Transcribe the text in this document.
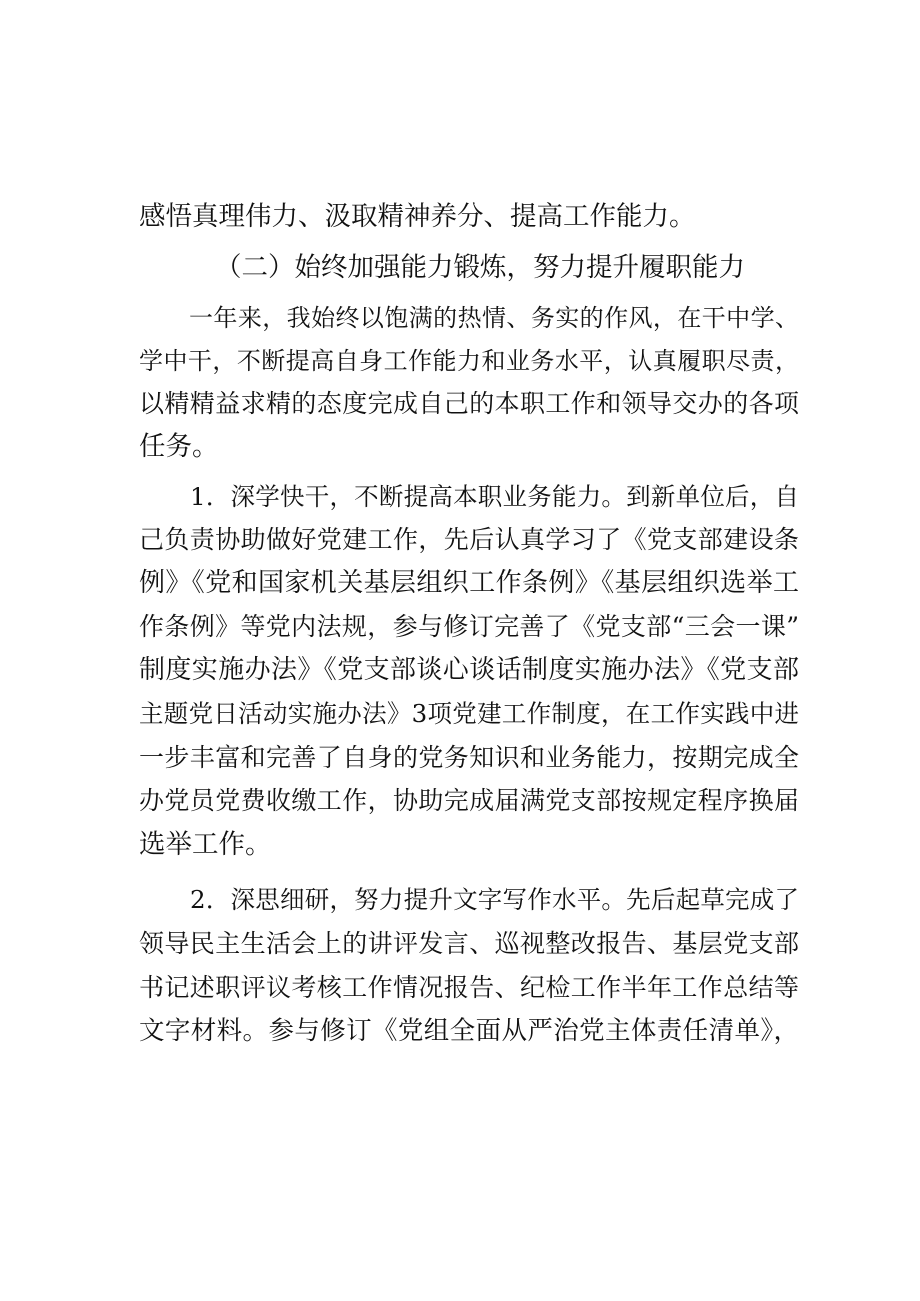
感悟真理伟力、汲取精神养分、提高工作能力。
（二）始终加强能力锻炼，努力提升履职能力
一年来，我始终以饱满的热情、务实的作风，在干中学、
学中干，不断提高自身工作能力和业务水平，认真履职尽责，
以精精益求精的态度完成自己的本职工作和领导交办的各项
任务。
1．深学快干，不断提高本职业务能力。到新单位后，自
己负责协助做好党建工作，先后认真学习了《党支部建设条
例》《党和国家机关基层组织工作条例》《基层组织选举工
作条例》等党内法规，参与修订完善了《党支部“三会一课”
制度实施办法》《党支部谈心谈话制度实施办法》《党支部
主题党日活动实施办法》3项党建工作制度，在工作实践中进
一步丰富和完善了自身的党务知识和业务能力，按期完成全
办党员党费收缴工作，协助完成届满党支部按规定程序换届
选举工作。
2．深思细研，努力提升文字写作水平。先后起草完成了
领导民主生活会上的讲评发言、巡视整改报告、基层党支部
书记述职评议考核工作情况报告、纪检工作半年工作总结等
文字材料。参与修订《党组全面从严治党主体责任清单》，
